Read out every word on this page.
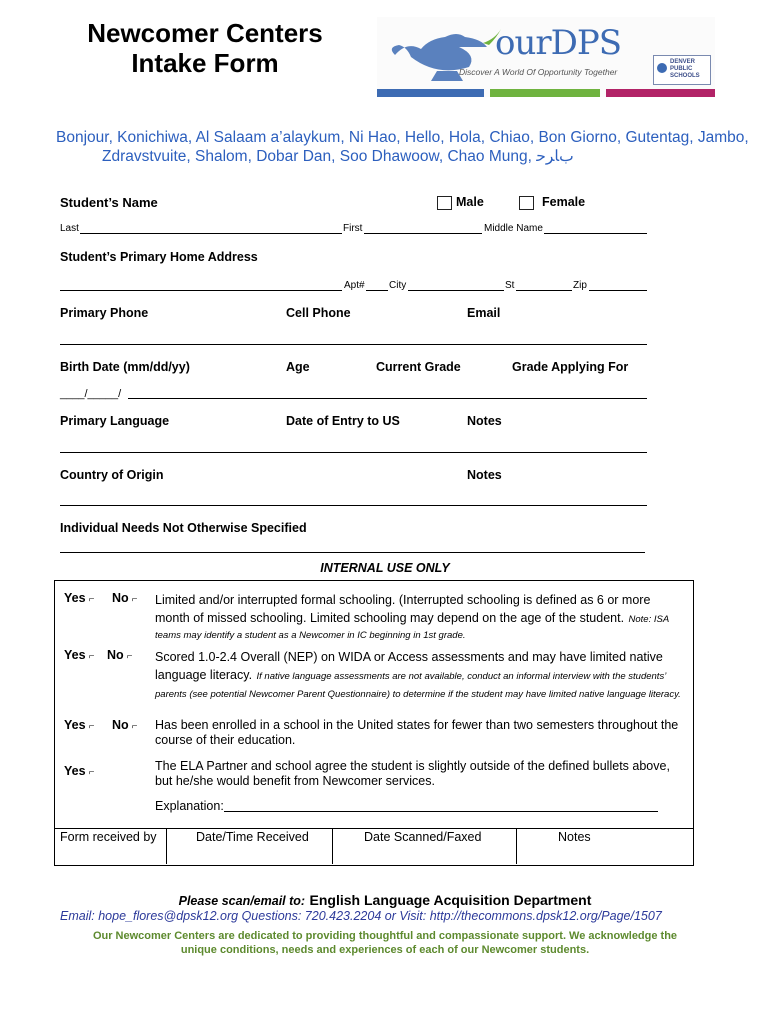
Newcomer Centers
Intake Form	ourDPS
Discover A World Of Opportunity Together
DENVER PUBLIC SCHOOLS
Bonjour, Konichiwa, Al Salaam a’alaykum, Ni Hao, Hello, Hola, Chiao, Bon Giorno, Gutentag, Jambo,
Zdravstvuite, Shalom, Dobar Dan, Soo Dhawoow, Chao Mung, ﺏﺎﺮﺣ
Student’s Name	Male	Female
Last	First	Middle Name
Student’s Primary Home Address
Apt# City	St	Zip
Primary Phone	Cell Phone	Email
Birth Date (mm/dd/yy)	Age	Current Grade	Grade Applying For
____/_____/
Primary Language	Date of Entry to US	Notes
Country of Origin	Notes
Individual Needs Not Otherwise Specified
INTERNAL USE ONLY
Yes ⌐ No ⌐ Limited and/or interrupted formal schooling. (Interrupted schooling is defined as 6 or more month of missed schooling. Limited schooling may depend on the age of the student. Note: ISA
teams may identify a student as a Newcomer in IC beginning in 1st grade.
Yes ⌐ No ⌐ Scored 1.0-2.4 Overall (NEP) on WIDA or Access assessments and may have limited native language literacy. If native language assessments are not available, conduct an informal interview with the students’ parents (see potential Newcomer Parent Questionnaire) to determine if the student may have limited native language literacy.
Yes ⌐ No ⌐ Has been enrolled in a school in the United states for fewer than two semesters throughout the course of their education.
Yes ⌐	The ELA Partner and school agree the student is slightly outside of the defined bullets above, but he/she would benefit from Newcomer services.
Explanation:
Form received by	Date/Time Received	Date Scanned/Faxed	Notes
Please scan/email to: English Language Acquisition Department
Email: hope_flores@dpsk12.org Questions: 720.423.2204 or Visit: http://thecommons.dpsk12.org/Page/1507
Our Newcomer Centers are dedicated to providing thoughtful and compassionate support. We acknowledge the
unique conditions, needs and experiences of each of our Newcomer students.
